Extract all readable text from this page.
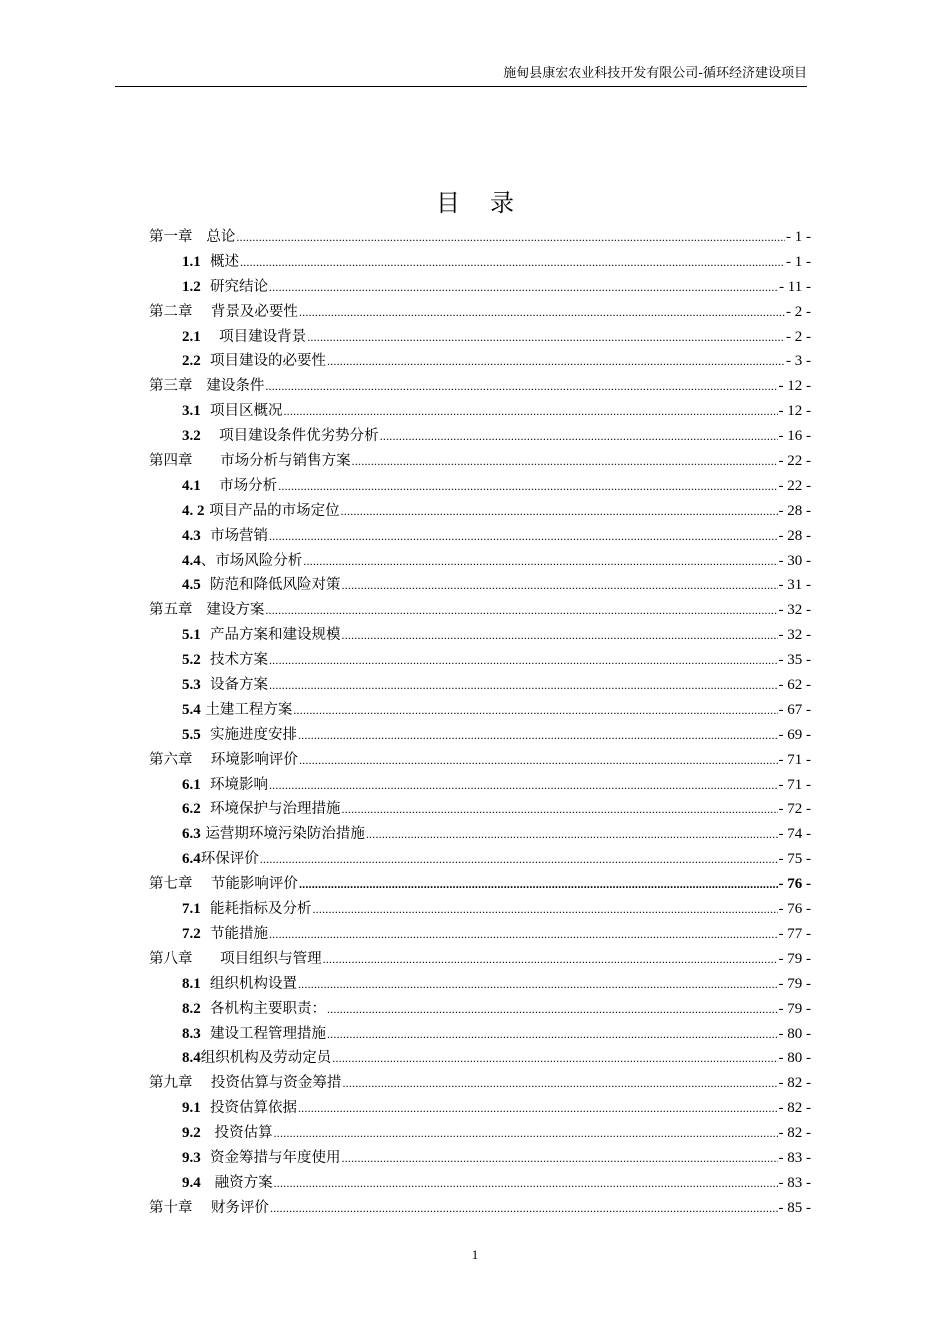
施甸县康宏农业科技开发有限公司-循环经济建设项目
目录
第一章   总论 .....	- 1 -
1.1 概述 .....	- 1 -
1.2 研究结论 .....	- 11 -
第二章    背景及必要性 .....	- 2 -
2.1 项目建设背景 .....	- 2 -
2.2 项目建设的必要性 .....	- 3 -
第三章   建设条件 .....	- 12 -
3.1 项目区概况 .....	- 12 -
3.2 项目建设条件优劣势分析 .....	- 16 -
第四章      市场分析与销售方案 .....	- 22 -
4.1 市场分析 .....	- 22 -
4. 2 项目产品的市场定位 .....	- 28 -
4.3 市场营销 .....	- 28 -
4.4 、市场风险分析 .....	- 30 -
4.5 防范和降低风险对策 .....	- 31 -
第五章   建设方案 .....	- 32 -
5.1 产品方案和建设规模 .....	- 32 -
5.2 技术方案 .....	- 35 -
5.3 设备方案 .....	- 62 -
5.4 土建工程方案 .....	- 67 -
5.5 实施进度安排 .....	- 69 -
第六章    环境影响评价 .....	- 71 -
6.1 环境影响 .....	- 71 -
6.2 环境保护与治理措施 .....	- 72 -
6.3 运营期环境污染防治措施 .....	- 74 -
6.4 环保评价 .....	- 75 -
第七章    节能影响评价 .....	- 76 -
7.1 能耗指标及分析 .....	- 76 -
7.2 节能措施 .....	- 77 -
第八章      项目组织与管理 .....	- 79 -
8.1 组织机构设置 .....	- 79 -
8.2 各机构主要职责： .....	- 79 -
8.3 建设工程管理措施 .....	- 80 -
8.4 组织机构及劳动定员 .....	- 80 -
第九章    投资估算与资金筹措 .....	- 82 -
9.1 投资估算依据 .....	- 82 -
9.2 投资估算 .....	- 82 -
9.3 资金筹措与年度使用 .....	- 83 -
9.4 融资方案 .....	- 83 -
第十章    财务评价 .....	- 85 -
1
